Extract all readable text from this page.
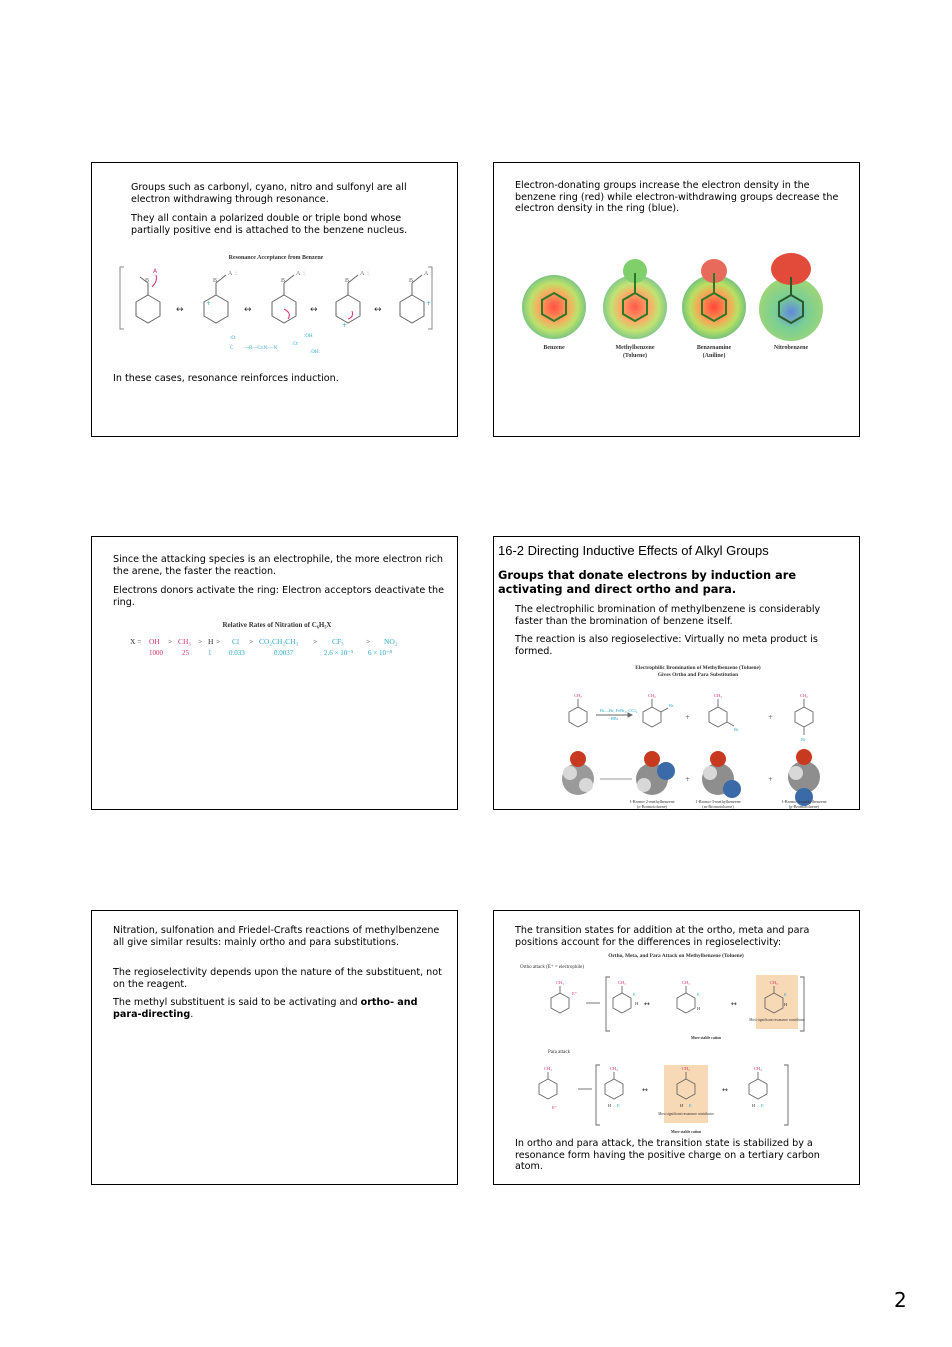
Groups such as carbonyl, cyano, nitro and sulfonyl are all electron withdrawing through resonance.
They all contain a polarized double or triple bond whose partially positive end is attached to the benzene nucleus.
Resonance Acceptance from Benzene
B	B	B	B	B
A	A	A	A
A	:	:	:	:
+
+
+
↔	↔	↔	↔
:O:
C —R—C≡N:—N
:O:
:OH
:OH:
In these cases, resonance reinforces induction.
Electron-donating groups increase the electron density in the benzene ring (red) while electron-withdrawing groups decrease the electron density in the ring (blue).
Benzene	Methylbenzene
(Toluene)
Benzenamine
(Aniline)
Nitrobenzene
Since the attacking species is an electrophile, the more electron rich the arene, the faster the reaction.
Electrons donors activate the ring: Electron acceptors deactivate the ring.
Relative Rates of Nitration of C₆H₅X
X = OH > CH₃ > H > Cl > CO₂CH₂CH₃ > CF₃	> NO₂
1000	25	1	0.033	0.0037	2.6 × 10⁻⁵ 6 × 10⁻⁸
16-2 Directing Inductive Effects of Alkyl Groups
Groups that donate electrons by induction are activating and direct ortho and para.
The electrophilic bromination of methylbenzene is considerably faster than the bromination of benzene itself.
The reaction is also regioselective: Virtually no meta product is formed.
Electrophilic Bromination of Methylbenzene (Toluene)
Gives Ortho and Para Substitution
CH₃	CH₃	CH₃	CH₃
Br—Br, FeBr₃, CCl₄
−HBr
Br
Br
Br
+	+
+	+
1-Bromo-2-methylbenzene
(o-Bromotoluene)
1-Bromo-3-methylbenzene
(m-Bromotoluene)
1-Bromo-4-methylbenzene
(p-Bromotoluene)
Nitration, sulfonation and Friedel-Crafts reactions of methylbenzene all give similar results: mainly ortho and para substitutions.
The regioselectivity depends upon the nature of the substituent, not on the reagent.
The methyl substituent is said to be activating and ortho- and para-directing.
The transition states for addition at the ortho, meta and para positions account for the differences in regioselectivity:
Ortho, Meta, and Para Attack on Methylbenzene (Toluene)
Ortho attack (E⁺ = electrophile)
CH₃	CH₃	CH₃	CH₃
E⁺	E	E	E
H
H
H
↔	↔
Most significant resonance contributor
More stable cation
Para attack
CH₃	CH₃	CH₃	CH₃
E⁺	E	E	E
H	H	H
↔	↔
Most significant resonance contributor
More stable cation
In ortho and para attack, the transition state is stabilized by a resonance form having the positive charge on a tertiary carbon atom.
2
